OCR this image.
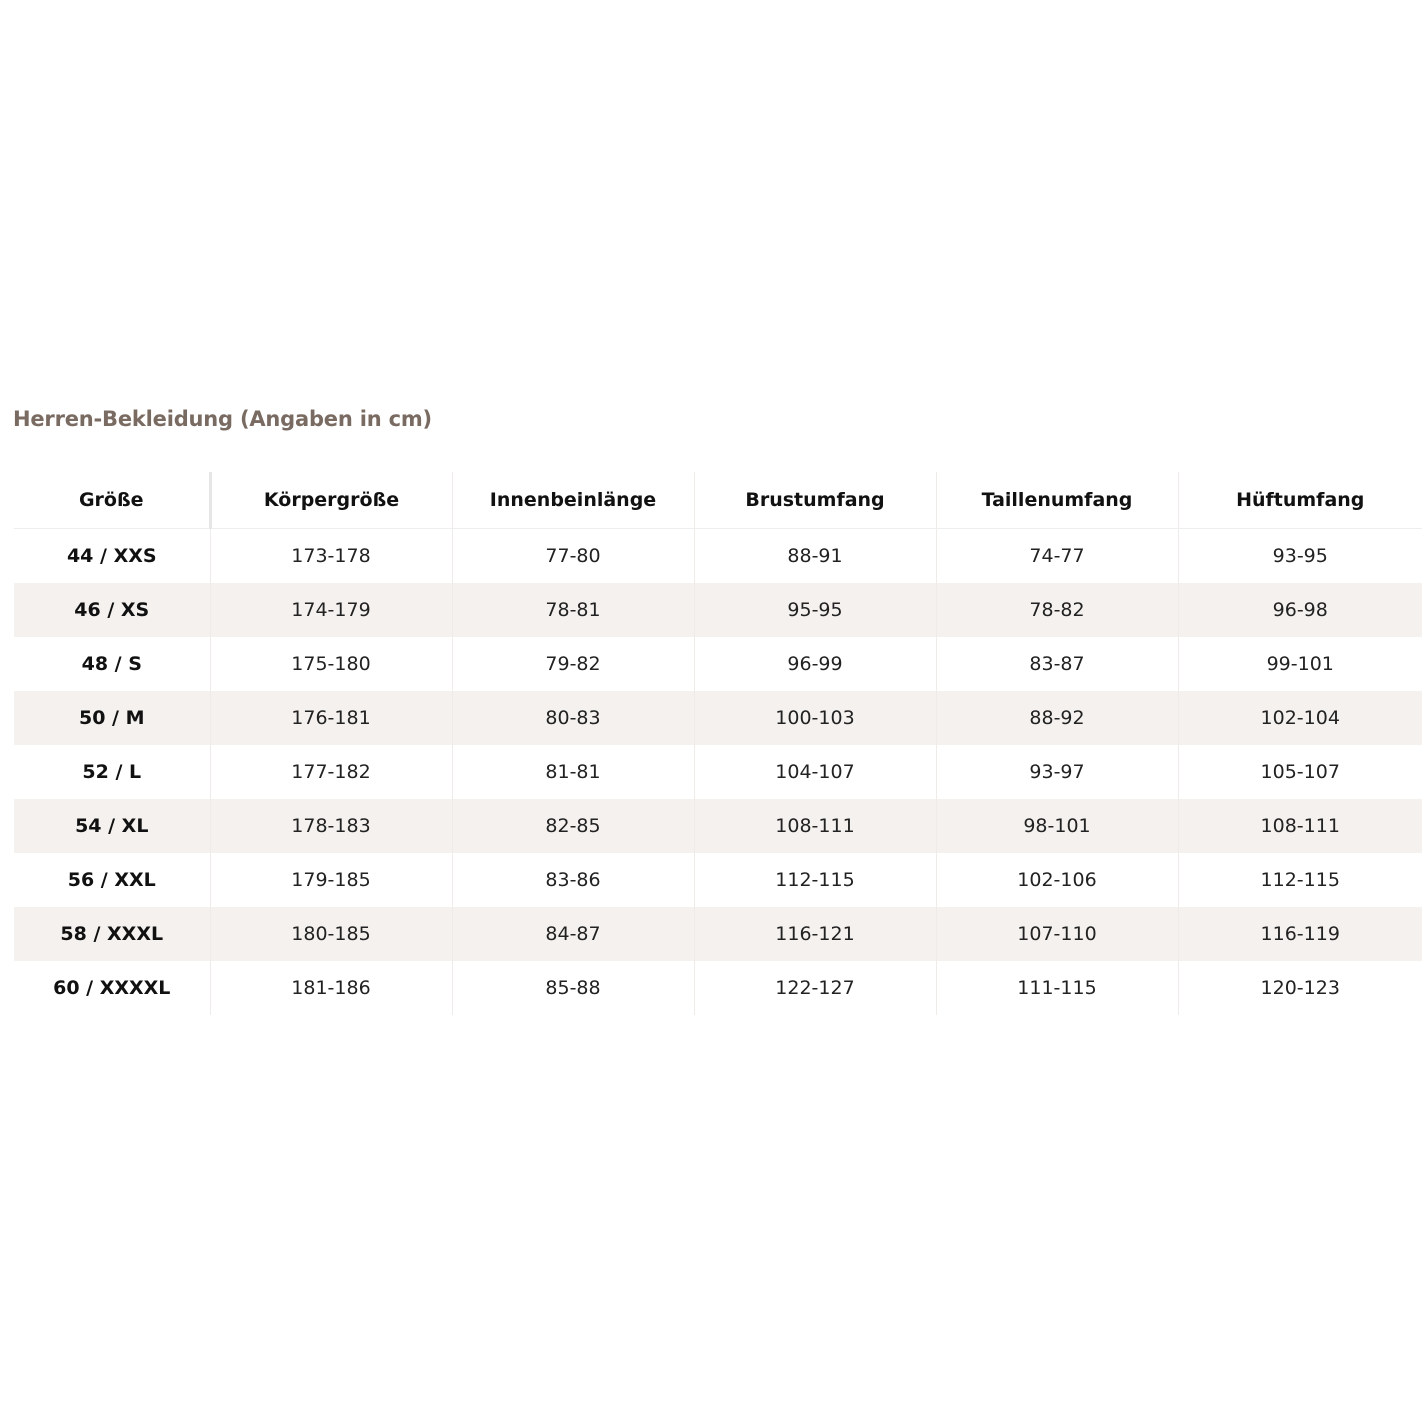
Herren-Bekleidung (Angaben in cm)
Größe	Körpergröße	Innenbeinlänge	Brustumfang	Taillenumfang	Hüftumfang
44 / XXS	173-178	77-80	88-91	74-77	93-95
46 / XS	174-179	78-81	95-95	78-82	96-98
48 / S	175-180	79-82	96-99	83-87	99-101
50 / M	176-181	80-83	100-103	88-92	102-104
52 / L	177-182	81-81	104-107	93-97	105-107
54 / XL	178-183	82-85	108-111	98-101	108-111
56 / XXL	179-185	83-86	112-115	102-106	112-115
58 / XXXL	180-185	84-87	116-121	107-110	116-119
60 / XXXXL	181-186	85-88	122-127	111-115	120-123
